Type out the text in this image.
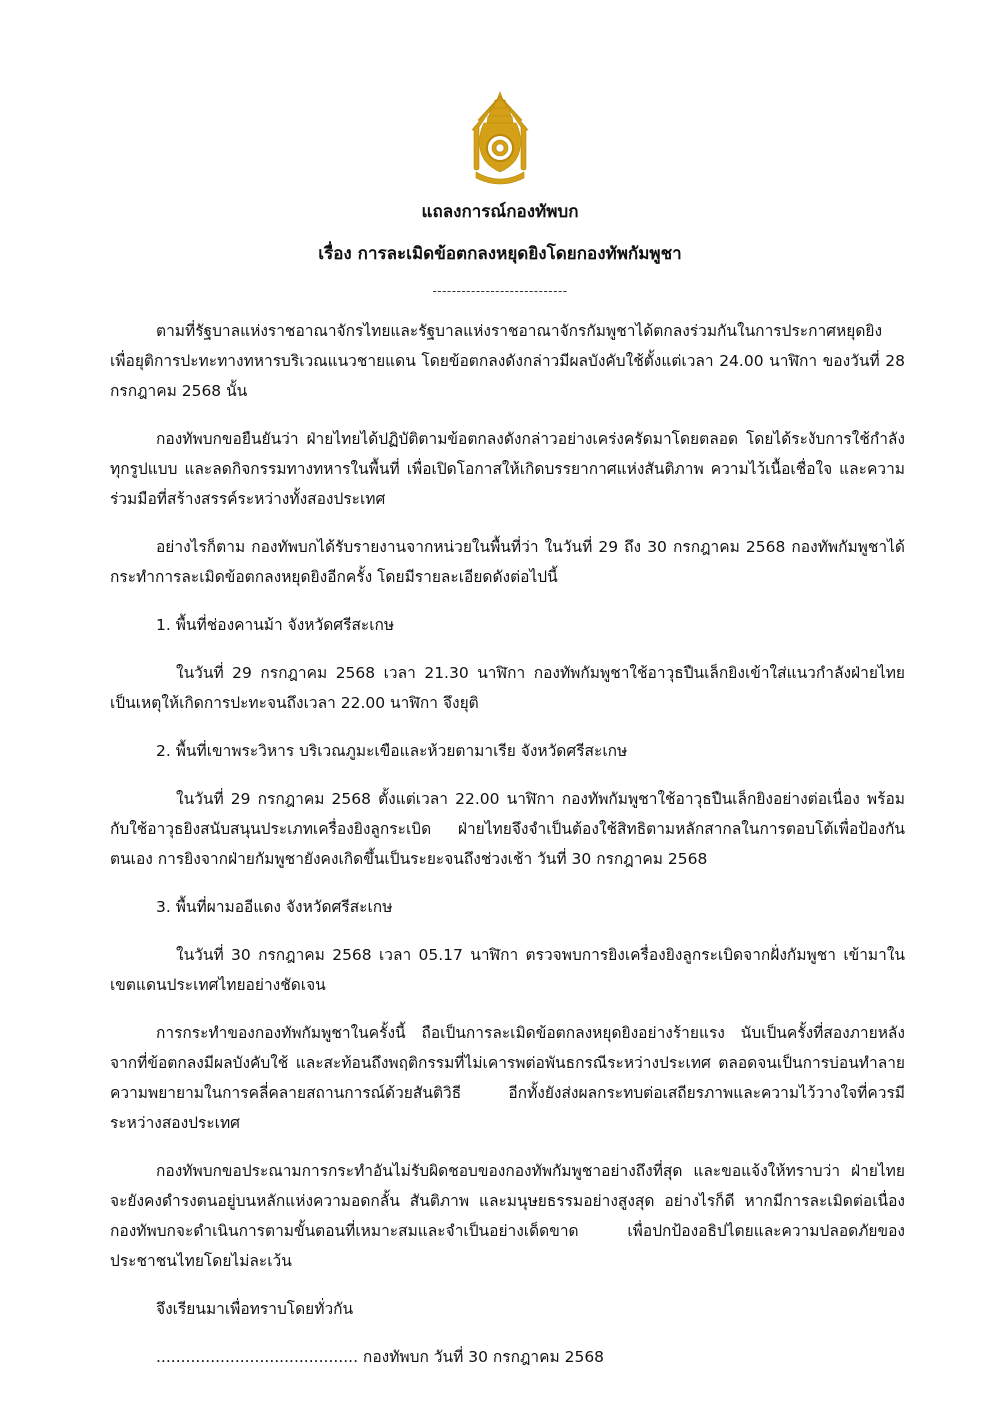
แถลงการณ์กองทัพบก
เรื่อง การละเมิดข้อตกลงหยุดยิงโดยกองทัพกัมพูชา
----------------------------

ตามที่รัฐบาลแห่งราชอาณาจักรไทยและรัฐบาลแห่งราชอาณาจักรกัมพูชาได้ตกลงร่วมกันในการประกาศหยุดยิง เพื่อยุติการปะทะทางทหารบริเวณแนวชายแดน โดยข้อตกลงดังกล่าวมีผลบังคับใช้ตั้งแต่เวลา 24.00 นาฬิกา ของวันที่ 28 กรกฎาคม 2568 นั้น

กองทัพบกขอยืนยันว่า ฝ่ายไทยได้ปฏิบัติตามข้อตกลงดังกล่าวอย่างเคร่งครัดมาโดยตลอด โดยได้ระงับการใช้กำลังทุกรูปแบบ และลดกิจกรรมทางทหารในพื้นที่ เพื่อเปิดโอกาสให้เกิดบรรยากาศแห่งสันติภาพ ความไว้เนื้อเชื่อใจ และความร่วมมือที่สร้างสรรค์ระหว่างทั้งสองประเทศ

อย่างไรก็ตาม กองทัพบกได้รับรายงานจากหน่วยในพื้นที่ว่า ในวันที่ 29 ถึง 30 กรกฎาคม 2568 กองทัพกัมพูชาได้กระทำการละเมิดข้อตกลงหยุดยิงอีกครั้ง โดยมีรายละเอียดดังต่อไปนี้

1. พื้นที่ช่องคานม้า จังหวัดศรีสะเกษ

ในวันที่ 29 กรกฎาคม 2568 เวลา 21.30 นาฬิกา กองทัพกัมพูชาใช้อาวุธปืนเล็กยิงเข้าใส่แนวกำลังฝ่ายไทย เป็นเหตุให้เกิดการปะทะจนถึงเวลา 22.00 นาฬิกา จึงยุติ

2. พื้นที่เขาพระวิหาร บริเวณภูมะเขือและห้วยตามาเรีย จังหวัดศรีสะเกษ

ในวันที่ 29 กรกฎาคม 2568 ตั้งแต่เวลา 22.00 นาฬิกา กองทัพกัมพูชาใช้อาวุธปืนเล็กยิงอย่างต่อเนื่อง พร้อมกับใช้อาวุธยิงสนับสนุนประเภทเครื่องยิงลูกระเบิด ฝ่ายไทยจึงจำเป็นต้องใช้สิทธิตามหลักสากลในการตอบโต้เพื่อป้องกันตนเอง การยิงจากฝ่ายกัมพูชายังคงเกิดขึ้นเป็นระยะจนถึงช่วงเช้า วันที่ 30 กรกฎาคม 2568

3. พื้นที่ผามออีแดง จังหวัดศรีสะเกษ

ในวันที่ 30 กรกฎาคม 2568 เวลา 05.17 นาฬิกา ตรวจพบการยิงเครื่องยิงลูกระเบิดจากฝั่งกัมพูชา เข้ามาในเขตแดนประเทศไทยอย่างชัดเจน

การกระทำของกองทัพกัมพูชาในครั้งนี้ ถือเป็นการละเมิดข้อตกลงหยุดยิงอย่างร้ายแรง นับเป็นครั้งที่สองภายหลังจากที่ข้อตกลงมีผลบังคับใช้ และสะท้อนถึงพฤติกรรมที่ไม่เคารพต่อพันธกรณีระหว่างประเทศ ตลอดจนเป็นการบ่อนทำลายความพยายามในการคลี่คลายสถานการณ์ด้วยสันติวิธี อีกทั้งยังส่งผลกระทบต่อเสถียรภาพและความไว้วางใจที่ควรมีระหว่างสองประเทศ

กองทัพบกขอประณามการกระทำอันไม่รับผิดชอบของกองทัพกัมพูชาอย่างถึงที่สุด และขอแจ้งให้ทราบว่า ฝ่ายไทยจะยังคงดำรงตนอยู่บนหลักแห่งความอดกลั้น สันติภาพ และมนุษยธรรมอย่างสูงสุด อย่างไรก็ดี หากมีการละเมิดต่อเนื่อง กองทัพบกจะดำเนินการตามขั้นตอนที่เหมาะสมและจำเป็นอย่างเด็ดขาด เพื่อปกป้องอธิปไตยและความปลอดภัยของประชาชนไทยโดยไม่ละเว้น

จึงเรียนมาเพื่อทราบโดยทั่วกัน

......................................... กองทัพบก วันที่ 30 กรกฎาคม 2568
